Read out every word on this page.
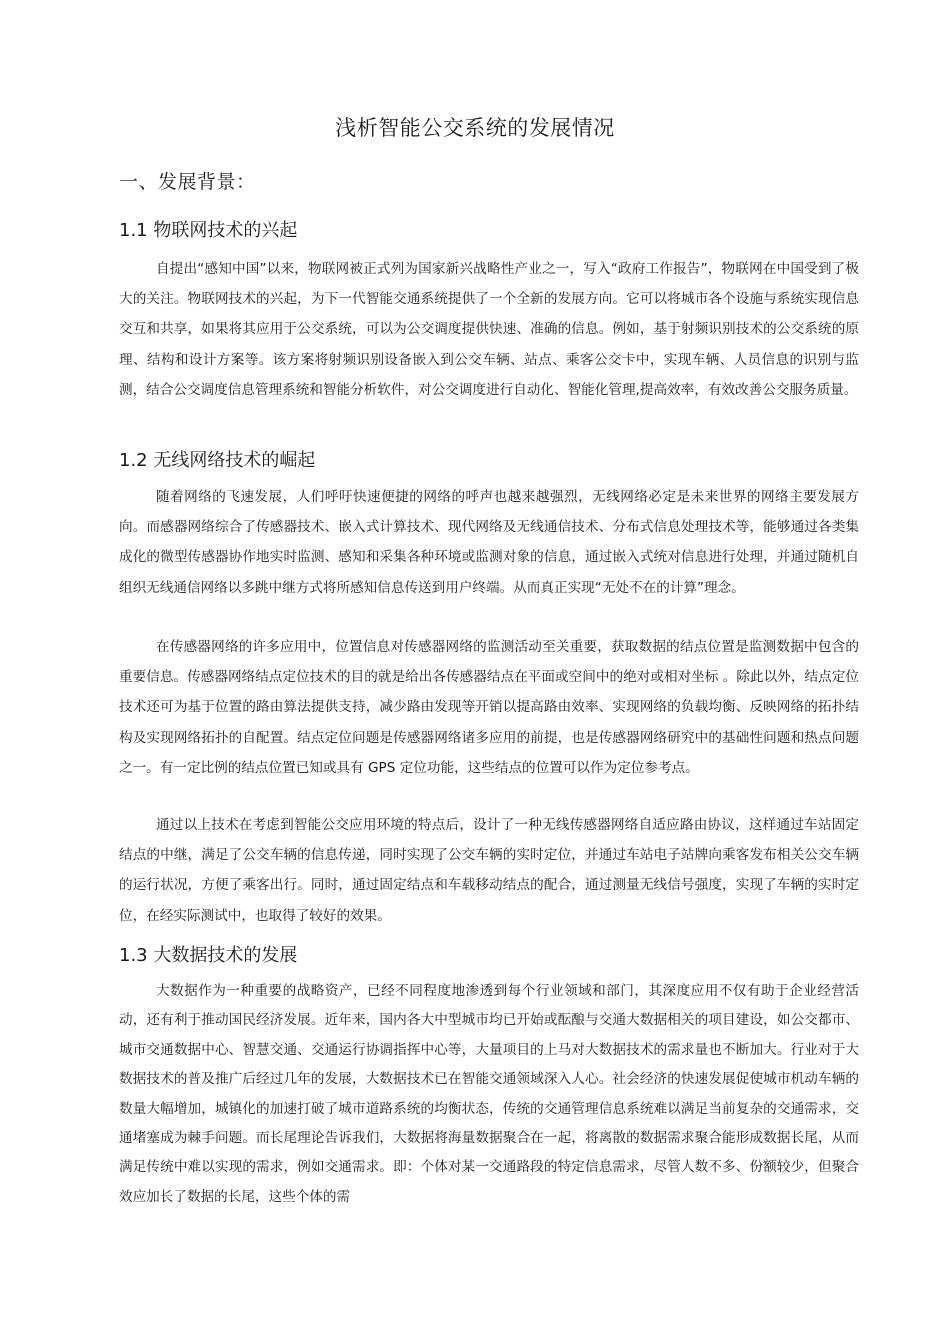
浅析智能公交系统的发展情况
一、发展背景：
1.1 物联网技术的兴起

自提出“感知中国”以来，物联网被正式列为国家新兴战略性产业之一，写入“政府工作报告”，物联网在中国受到了极大的关注。物联网技术的兴起，为下一代智能交通系统提供了一个全新的发展方向。它可以将城市各个设施与系统实现信息交互和共享，如果将其应用于公交系统，可以为公交调度提供快速、准确的信息。例如，基于射频识别技术的公交系统的原理、结构和设计方案等。该方案将射频识别设备嵌入到公交车辆、站点、乘客公交卡中，实现车辆、人员信息的识别与监测，结合公交调度信息管理系统和智能分析软件，对公交调度进行自动化、智能化管理,提高效率，有效改善公交服务质量。

1.2 无线网络技术的崛起

随着网络的飞速发展，人们呼吁快速便捷的网络的呼声也越来越强烈，无线网络必定是未来世界的网络主要发展方向。而感器网络综合了传感器技术、嵌入式计算技术、现代网络及无线通信技术、分布式信息处理技术等，能够通过各类集成化的微型传感器协作地实时监测、感知和采集各种环境或监测对象的信息，通过嵌入式统对信息进行处理，并通过随机自组织无线通信网络以多跳中继方式将所感知信息传送到用户终端。从而真正实现“无处不在的计算”理念。

在传感器网络的许多应用中，位置信息对传感器网络的监测活动至关重要，获取数据的结点位置是监测数据中包含的重要信息。传感器网络结点定位技术的目的就是给出各传感器结点在平面或空间中的绝对或相对坐标 。除此以外，结点定位技术还可为基于位置的路由算法提供支持，减少路由发现等开销以提高路由效率、实现网络的负载均衡、反映网络的拓扑结构及实现网络拓扑的自配置。结点定位问题是传感器网络诸多应用的前提，也是传感器网络研究中的基础性问题和热点问题之一。有一定比例的结点位置已知或具有 GPS 定位功能，这些结点的位置可以作为定位参考点。

通过以上技术在考虑到智能公交应用环境的特点后，设计了一种无线传感器网络自适应路由协议，这样通过车站固定结点的中继，满足了公交车辆的信息传递，同时实现了公交车辆的实时定位，并通过车站电子站牌向乘客发布相关公交车辆的运行状况，方便了乘客出行。同时，通过固定结点和车载移动结点的配合，通过测量无线信号强度，实现了车辆的实时定位，在经实际测试中，也取得了较好的效果。

1.3 大数据技术的发展

大数据作为一种重要的战略资产，已经不同程度地渗透到每个行业领域和部门，其深度应用不仅有助于企业经营活动，还有利于推动国民经济发展。近年来，国内各大中型城市均已开始或酝酿与交通大数据相关的项目建设，如公交都市、城市交通数据中心、智慧交通、交通运行协调指挥中心等，大量项目的上马对大数据技术的需求量也不断加大。行业对于大数据技术的普及推广后经过几年的发展，大数据技术已在智能交通领域深入人心。社会经济的快速发展促使城市机动车辆的数量大幅增加，城镇化的加速打破了城市道路系统的均衡状态，传统的交通管理信息系统难以满足当前复杂的交通需求，交通堵塞成为棘手问题。而长尾理论告诉我们，大数据将海量数据聚合在一起，将离散的数据需求聚合能形成数据长尾，从而满足传统中难以实现的需求，例如交通需求。即：个体对某一交通路段的特定信息需求，尽管人数不多、份额较少，但聚合效应加长了数据的长尾，这些个体的需
